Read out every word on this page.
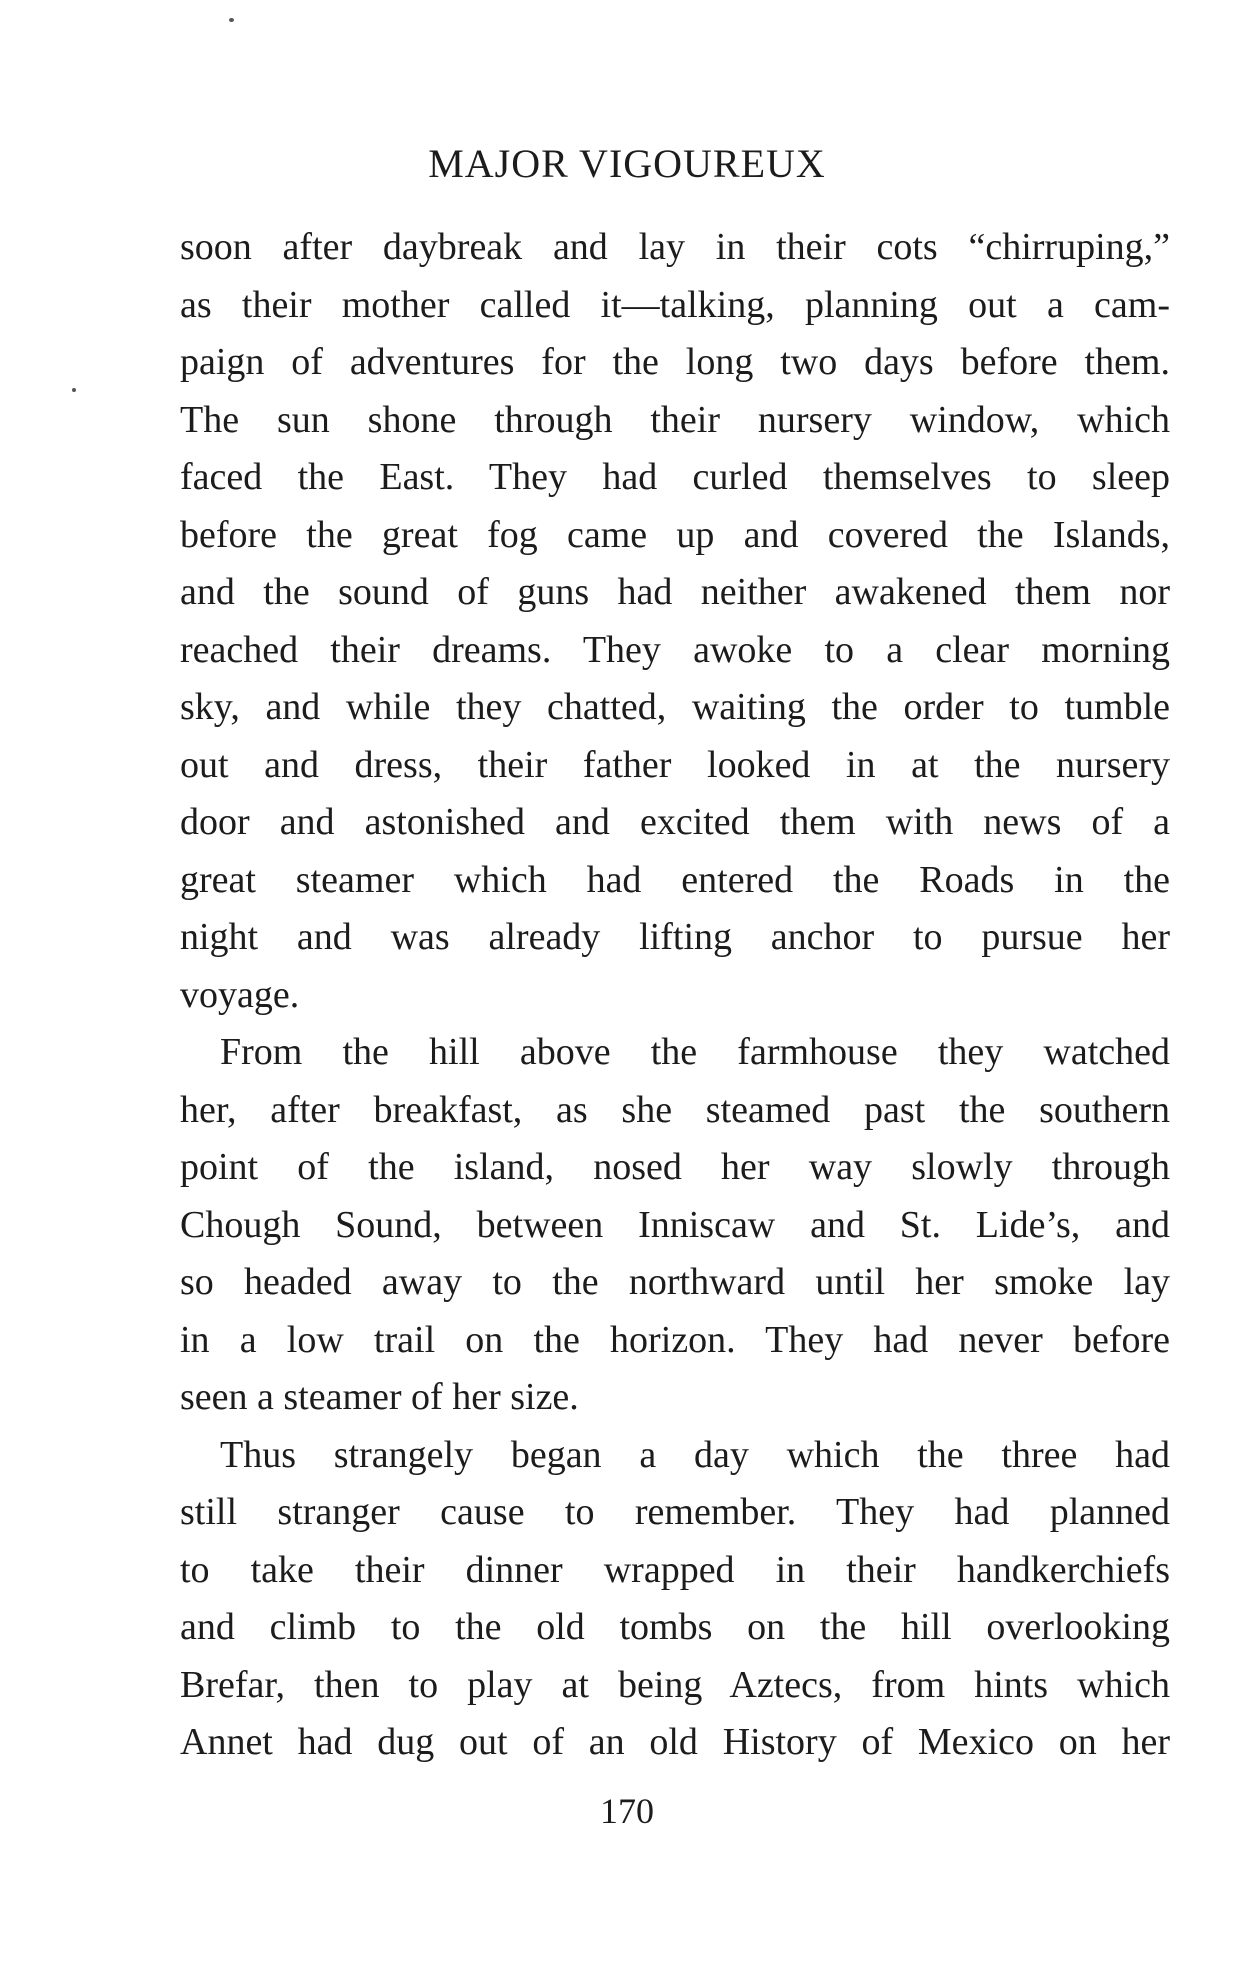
MAJOR VIGOUREUX
soon after daybreak and lay in their cots “chirruping,”
as their mother called it—talking, planning out a cam-
paign of adventures for the long two days before them.
The sun shone through their nursery window, which
faced the East. They had curled themselves to sleep
before the great fog came up and covered the Islands,
and the sound of guns had neither awakened them nor
reached their dreams. They awoke to a clear morning
sky, and while they chatted, waiting the order to tumble
out and dress, their father looked in at the nursery
door and astonished and excited them with news of a
great steamer which had entered the Roads in the
night and was already lifting anchor to pursue her
voyage.
From the hill above the farmhouse they watched
her, after breakfast, as she steamed past the southern
point of the island, nosed her way slowly through
Chough Sound, between Inniscaw and St. Lide’s, and
so headed away to the northward until her smoke lay
in a low trail on the horizon. They had never before
seen a steamer of her size.
Thus strangely began a day which the three had
still stranger cause to remember. They had planned
to take their dinner wrapped in their handkerchiefs
and climb to the old tombs on the hill overlooking
Brefar, then to play at being Aztecs, from hints which
Annet had dug out of an old History of Mexico on her
170
